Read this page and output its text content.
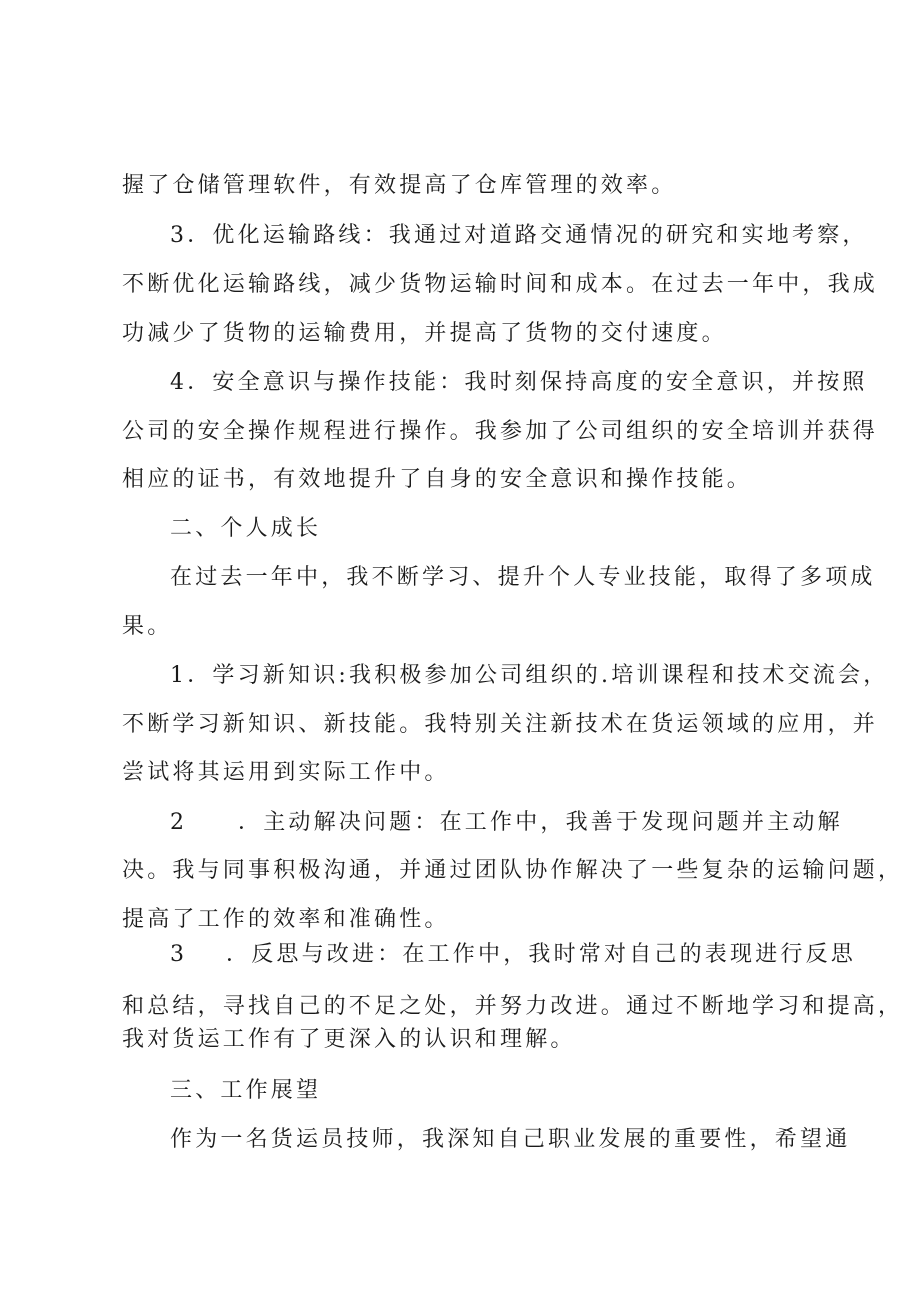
握了仓储管理软件，有效提高了仓库管理的效率。
3．优化运输路线：我通过对道路交通情况的研究和实地考察，
不断优化运输路线，减少货物运输时间和成本。在过去一年中，我成
功减少了货物的运输费用，并提高了货物的交付速度。
4．安全意识与操作技能：我时刻保持高度的安全意识，并按照
公司的安全操作规程进行操作。我参加了公司组织的安全培训并获得
相应的证书，有效地提升了自身的安全意识和操作技能。
二、个人成长
在过去一年中，我不断学习、提升个人专业技能，取得了多项成
果。
1．学习新知识:我积极参加公司组织的.培训课程和技术交流会，
不断学习新知识、新技能。我特别关注新技术在货运领域的应用，并
尝试将其运用到实际工作中。
2 ．主动解决问题：在工作中，我善于发现问题并主动解
决。我与同事积极沟通，并通过团队协作解决了一些复杂的运输问题，
提高了工作的效率和准确性。
3 ．反思与改进：在工作中，我时常对自己的表现进行反思
和总结，寻找自己的不足之处，并努力改进。通过不断地学习和提高，
我对货运工作有了更深入的认识和理解。
三、工作展望
作为一名货运员技师，我深知自己职业发展的重要性，希望通
